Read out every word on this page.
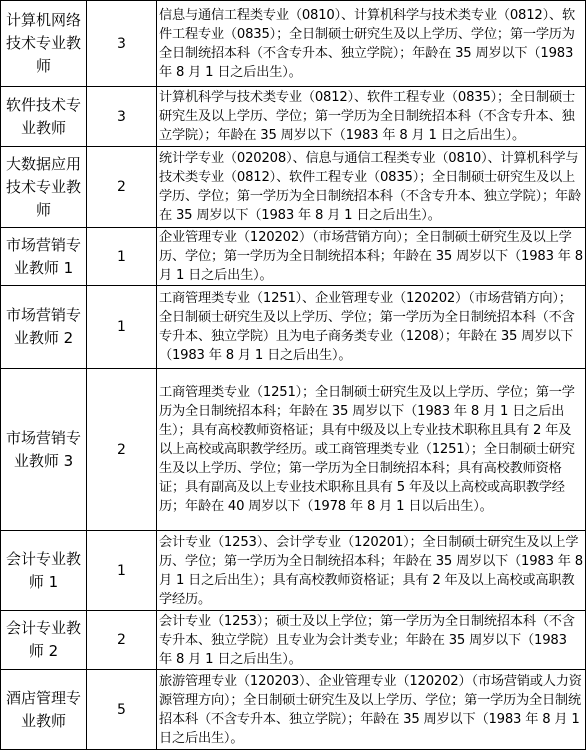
计算机网络技术专业教师	3	信息与通信工程类专业（0810）、计算机科学与技术类专业（0812）、软件工程专业（0835）；全日制硕士研究生及以上学历、学位；第一学历为全日制统招本科（不含专升本、独立学院）；年龄在 35 周岁以下（1983 年 8 月 1 日之后出生）。
软件技术专业教师	3	计算机科学与技术类专业（0812）、软件工程专业（0835）；全日制硕士研究生及以上学历、学位；第一学历为全日制统招本科（不含专升本、独立学院）；年龄在 35 周岁以下（1983 年 8 月 1 日之后出生）。
大数据应用技术专业教师	2	统计学专业（020208）、信息与通信工程类专业（0810）、计算机科学与技术类专业（0812）、软件工程专业（0835）；全日制硕士研究生及以上学历、学位；第一学历为全日制统招本科（不含专升本、独立学院）；年龄在 35 周岁以下（1983 年 8 月 1 日之后出生）。
市场营销专业教师 1	1	企业管理专业（120202）（市场营销方向）；全日制硕士研究生及以上学历、学位；第一学历为全日制统招本科；年龄在 35 周岁以下（1983 年 8 月 1 日之后出生）。
市场营销专业教师 2	1	工商管理类专业（1251）、企业管理专业（120202）（市场营销方向）；全日制硕士研究生及以上学历、学位；第一学历为全日制统招本科（不含专升本、独立学院）且为电子商务类专业（1208）；年龄在 35 周岁以下（1983 年 8 月 1 日之后出生）。
市场营销专业教师 3	2	工商管理类专业（1251）；全日制硕士研究生及以上学历、学位；第一学历为全日制统招本科；年龄在 35 周岁以下（1983 年 8 月 1 日之后出生）；具有高校教师资格证；具有中级及以上专业技术职称且具有 2 年及以上高校或高职教学经历。或工商管理类专业（1251）；全日制硕士研究生及以上学历、学位；第一学历为全日制统招本科；具有高校教师资格证；具有副高及以上专业技术职称且具有 5 年及以上高校或高职教学经历；年龄在 40 周岁以下（1978 年 8 月 1 日以后出生）。
会计专业教师 1	1	会计专业（1253）、会计学专业（120201）；全日制硕士研究生及以上学历、学位；第一学历为全日制统招本科；年龄在 35 周岁以下（1983 年 8 月 1 日之后出生）；具有高校教师资格证；具有 2 年及以上高校或高职教学经历。
会计专业教师 2	2	会计专业（1253）；硕士及以上学位；第一学历为全日制统招本科（不含专升本、独立学院）且专业为会计类专业；年龄在 35 周岁以下（1983 年 8 月 1 日之后出生）。
酒店管理专业教师	5	旅游管理专业（120203）、企业管理专业（120202）（市场营销或人力资源管理方向）；全日制硕士研究生及以上学历、学位；第一学历为全日制统招本科（不含专升本、独立学院）；年龄在 35 周岁以下（1983 年 8 月 1 日之后出生）。
